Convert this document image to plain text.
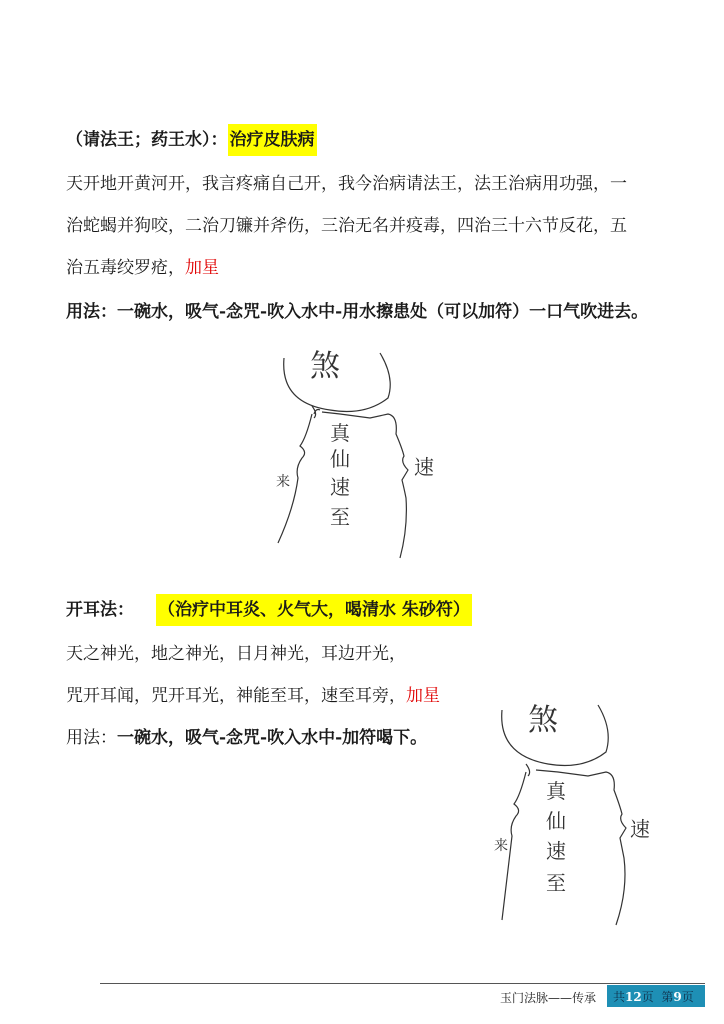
（请法王；药王水）： 治疗皮肤病
天开地开黄河开，我言疼痛自己开，我今治病请法王，法王治病用功强，一
治蛇蝎并狗咬，二治刀镰并斧伤，三治无名并疫毒，四治三十六节反花，五
治五毒绞罗疮，加星
用法：一碗水，吸气-念咒-吹入水中-用水擦患处（可以加符）一口气吹进去。
煞
真
仙
速
至
来
速
开耳法： （治疗中耳炎、火气大，喝清水 朱砂符）
天之神光，地之神光，日月神光，耳边开光，
咒开耳闻，咒开耳光，神能至耳，速至耳旁，加星
用法：一碗水，吸气-念咒-吹入水中-加符喝下。	煞
真
仙
速
至
来
速
玉门法脉——传承 共12页 第9页
